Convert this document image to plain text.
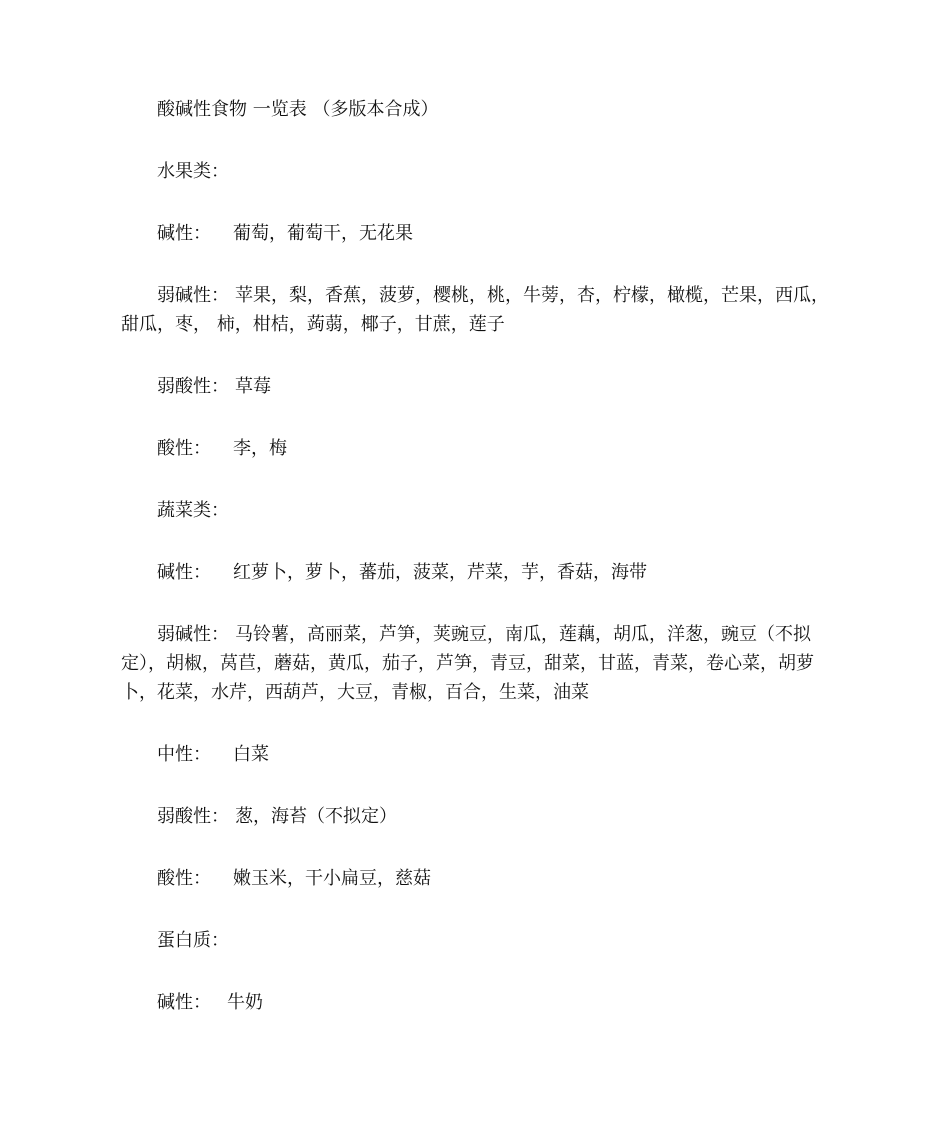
酸碱性食物 一览表 （多版本合成）

水果类：

碱性： 葡萄，葡萄干，无花果

弱碱性： 苹果，梨，香蕉，菠萝，樱桃，桃，牛蒡，杏，柠檬，橄榄，芒果，西瓜，甜瓜，枣， 柿，柑桔，蒟蒻，椰子，甘蔗，莲子

弱酸性： 草莓

酸性： 李，梅

蔬菜类：

碱性： 红萝卜，萝卜，蕃茄，菠菜，芹菜，芋，香菇，海带

弱碱性： 马铃薯，高丽菜，芦笋，荚豌豆，南瓜，莲藕，胡瓜，洋葱，豌豆（不拟定），胡椒，莴苣，蘑菇，黄瓜，茄子，芦笋，青豆，甜菜，甘蓝，青菜，卷心菜，胡萝卜，花菜，水芹，西葫芦，大豆，青椒，百合，生菜，油菜

中性： 白菜

弱酸性： 葱，海苔（不拟定）

酸性： 嫩玉米，干小扁豆，慈菇

蛋白质：

碱性： 牛奶
